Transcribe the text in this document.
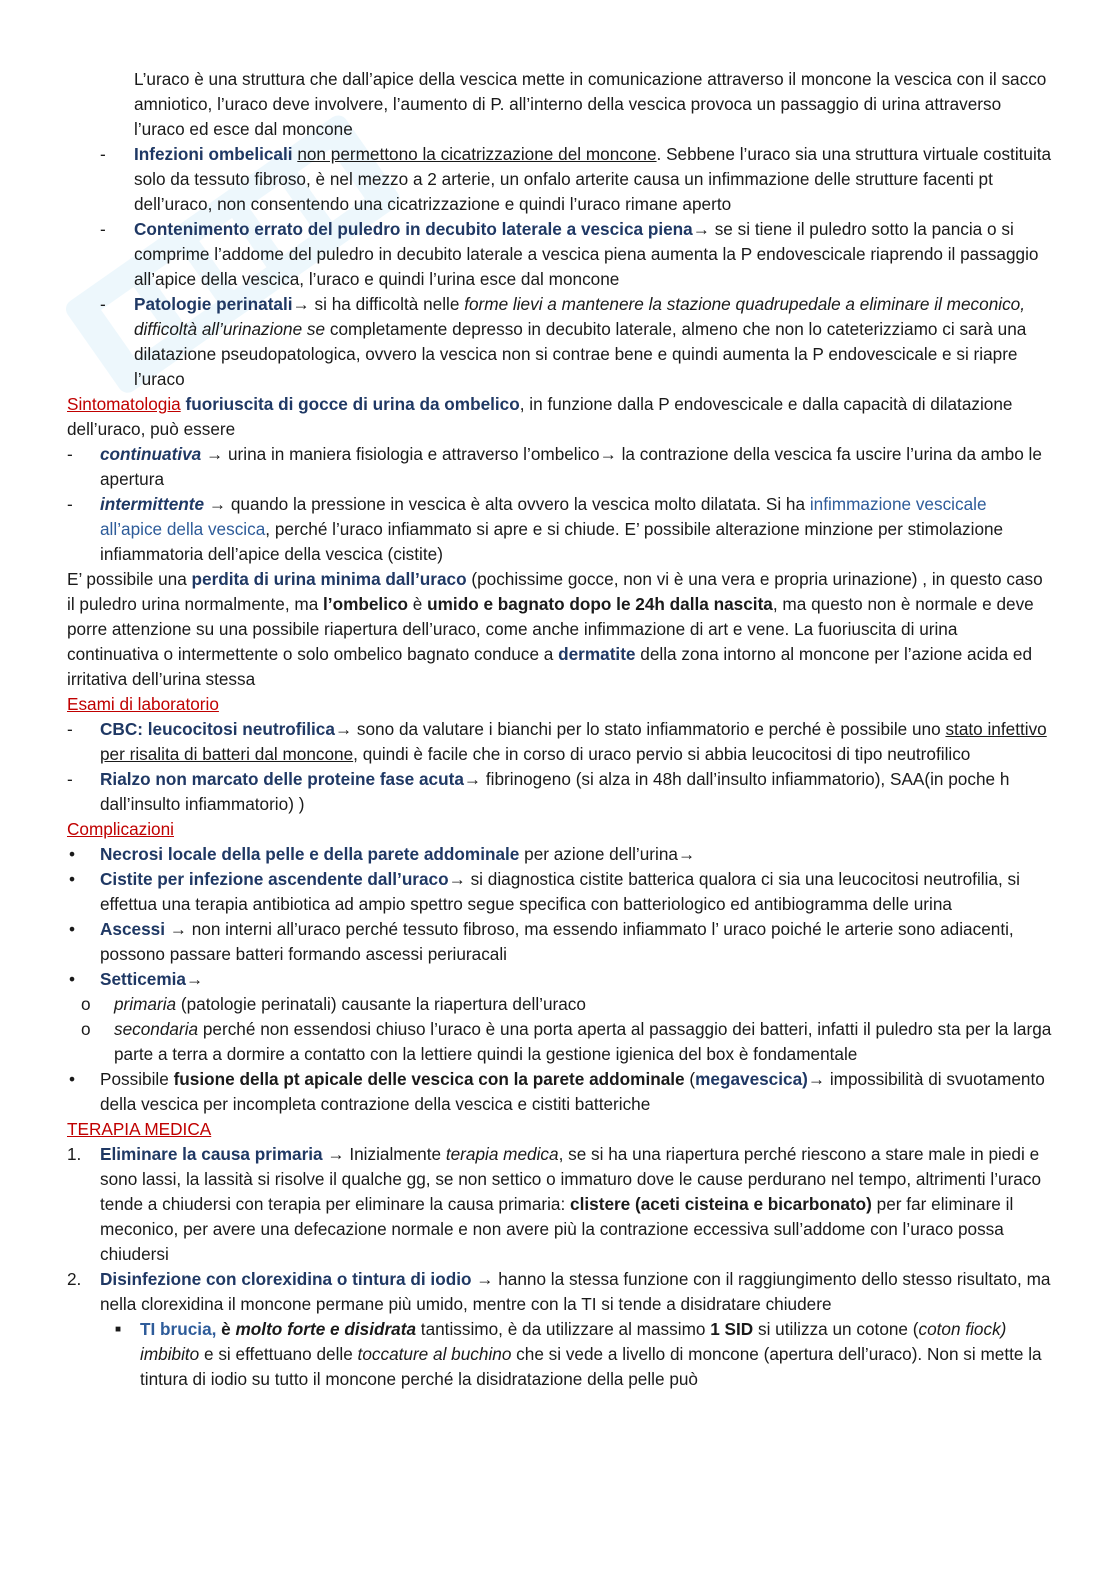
L’uraco è una struttura che dall’apice della vescica mette in comunicazione attraverso il moncone la vescica con il sacco amniotico, l’uraco deve involvere, l’aumento di P. all’interno della vescica provoca un passaggio di urina attraverso l’uraco ed esce dal moncone

- Infezioni ombelicali non permettono la cicatrizzazione del moncone. Sebbene l’uraco sia una struttura virtuale costituita solo da tessuto fibroso, è nel mezzo a 2 arterie, un onfalo arterite causa un infimmazione delle strutture facenti pt dell’uraco, non consentendo una cicatrizzazione e quindi l’uraco rimane aperto

- Contenimento errato del puledro in decubito laterale a vescica piena→ se si tiene il puledro sotto la pancia o si comprime l’addome del puledro in decubito laterale a vescica piena aumenta la P endovescicale riaprendo il passaggio all’apice della vescica, l’uraco e quindi l’urina esce dal moncone

- Patologie perinatali→ si ha difficoltà nelle forme lievi a mantenere la stazione quadrupedale a eliminare il meconico, difficoltà all’urinazione se completamente depresso in decubito laterale, almeno che non lo cateterizziamo ci sarà una dilatazione pseudopatologica, ovvero la vescica non si contrae bene e quindi aumenta la P endovescicale e si riapre l’uraco

Sintomatologia fuoriuscita di gocce di urina da ombelico, in funzione dalla P endovescicale e dalla capacità di dilatazione dell’uraco, può essere

- continuativa → urina in maniera fisiologia e attraverso l’ombelico→ la contrazione della vescica fa uscire l’urina da ambo le apertura

- intermittente → quando la pressione in vescica è alta ovvero la vescica molto dilatata. Si ha infimmazione vescicale all’apice della vescica, perché l’uraco infiammato si apre e si chiude. E’ possibile alterazione minzione per stimolazione infiammatoria dell’apice della vescica (cistite)

E’ possibile una perdita di urina minima dall’uraco (pochissime gocce, non vi è una vera e propria urinazione) , in questo caso il puledro urina normalmente, ma l’ombelico è umido e bagnato dopo le 24h dalla nascita, ma questo non è normale e deve porre attenzione su una possibile riapertura dell’uraco, come anche infimmazione di art e vene. La fuoriuscita di urina continuativa o intermettente o solo ombelico bagnato conduce a dermatite della zona intorno al moncone per l’azione acida ed irritativa dell’urina stessa

Esami di laboratorio

- CBC: leucocitosi neutrofilica→ sono da valutare i bianchi per lo stato infiammatorio e perché è possibile uno stato infettivo per risalita di batteri dal moncone, quindi è facile che in corso di uraco pervio si abbia leucocitosi di tipo neutrofilico

- Rialzo non marcato delle proteine fase acuta→ fibrinogeno (si alza in 48h dall’insulto infiammatorio), SAA(in poche h dall’insulto infiammatorio) )

Complicazioni

• Necrosi locale della pelle e della parete addominale per azione dell’urina→

• Cistite per infezione ascendente dall’uraco→ si diagnostica cistite batterica qualora ci sia una leucocitosi neutrofilia, si effettua una terapia antibiotica ad ampio spettro segue specifica con batteriologico ed antibiogramma delle urina

• Ascessi → non interni all’uraco perché tessuto fibroso, ma essendo infiammato l’ uraco poiché le arterie sono adiacenti, possono passare batteri formando ascessi periuracali

• Setticemia→

o primaria (patologie perinatali) causante la riapertura dell’uraco

o secondaria perché non essendosi chiuso l’uraco è una porta aperta al passaggio dei batteri, infatti il puledro sta per la larga parte a terra a dormire a contatto con la lettiere quindi la gestione igienica del box è fondamentale

• Possibile fusione della pt apicale delle vescica con la parete addominale (megavescica)→ impossibilità di svuotamento della vescica per incompleta contrazione della vescica e cistiti batteriche

TERAPIA MEDICA

1. Eliminare la causa primaria → Inizialmente terapia medica, se si ha una riapertura perché riescono a stare male in piedi e sono lassi, la lassità si risolve il qualche gg, se non settico o immaturo dove le cause perdurano nel tempo, altrimenti l’uraco tende a chiudersi con terapia per eliminare la causa primaria: clistere (aceti cisteina e bicarbonato) per far eliminare il meconico, per avere una defecazione normale e non avere più la contrazione eccessiva sull’addome con l’uraco possa chiudersi

2. Disinfezione con clorexidina o tintura di iodio → hanno la stessa funzione con il raggiungimento dello stesso risultato, ma nella clorexidina il moncone permane più umido, mentre con la TI si tende a disidratare chiudere

■ TI brucia, è molto forte e disidrata tantissimo, è da utilizzare al massimo 1 SID si utilizza un cotone (coton fiock) imbibito e si effettuano delle toccature al buchino che si vede a livello di moncone (apertura dell’uraco). Non si mette la tintura di iodio su tutto il moncone perché la disidratazione della pelle può
